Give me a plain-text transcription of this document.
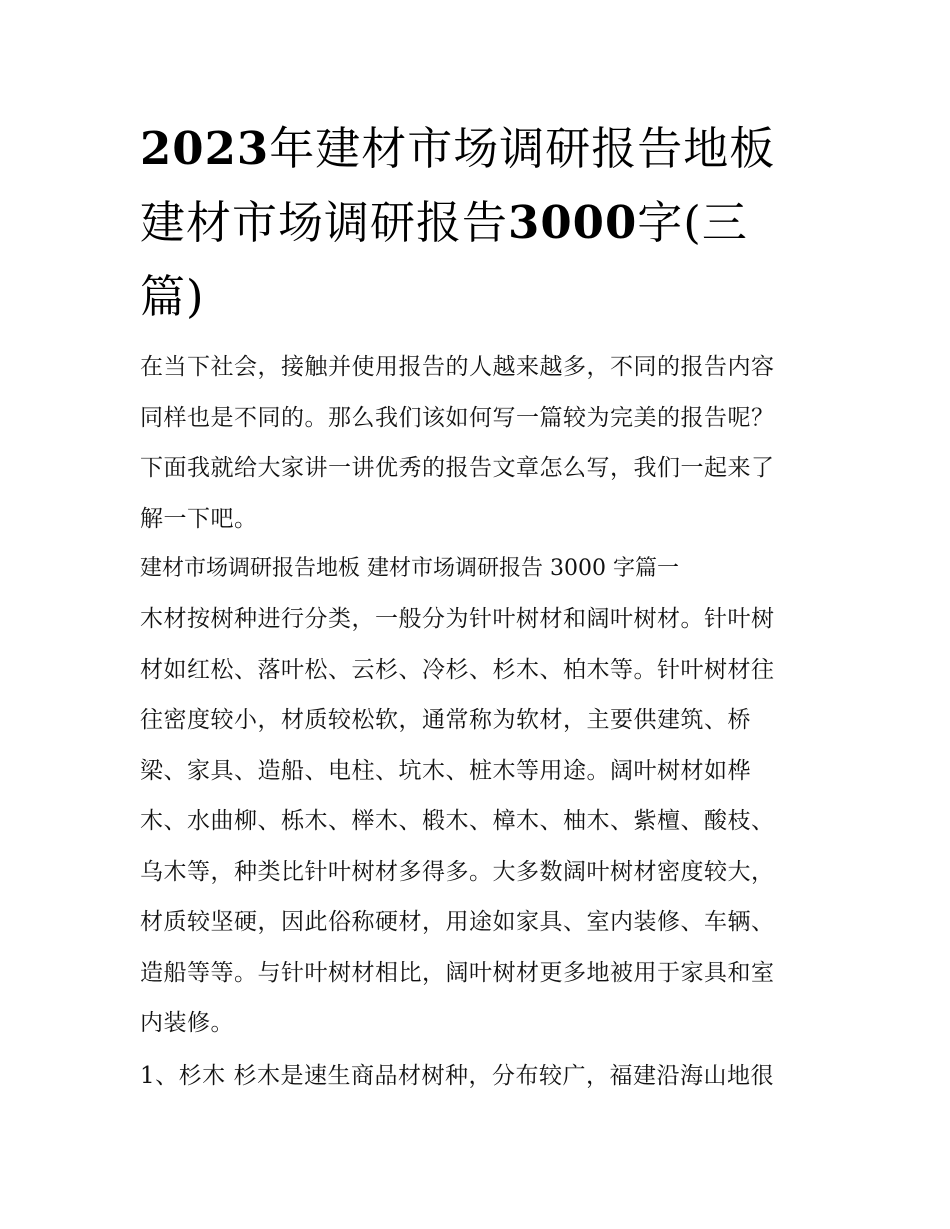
2023年建材市场调研报告地板
建材市场调研报告3000字(三
篇)

在当下社会，接触并使用报告的人越来越多，不同的报告内容
同样也是不同的。那么我们该如何写一篇较为完美的报告呢？
下面我就给大家讲一讲优秀的报告文章怎么写，我们一起来了
解一下吧。

建材市场调研报告地板 建材市场调研报告 3000 字篇一

木材按树种进行分类，一般分为针叶树材和阔叶树材。针叶树
材如红松、落叶松、云杉、冷杉、杉木、柏木等。针叶树材往
往密度较小，材质较松软，通常称为软材，主要供建筑、桥
梁、家具、造船、电柱、坑木、桩木等用途。阔叶树材如桦
木、水曲柳、栎木、榉木、椴木、樟木、柚木、紫檀、酸枝、
乌木等，种类比针叶树材多得多。大多数阔叶树材密度较大，
材质较坚硬，因此俗称硬材，用途如家具、室内装修、车辆、
造船等等。与针叶树材相比，阔叶树材更多地被用于家具和室
内装修。

1、杉木 杉木是速生商品材树种，分布较广，福建沿海山地很
